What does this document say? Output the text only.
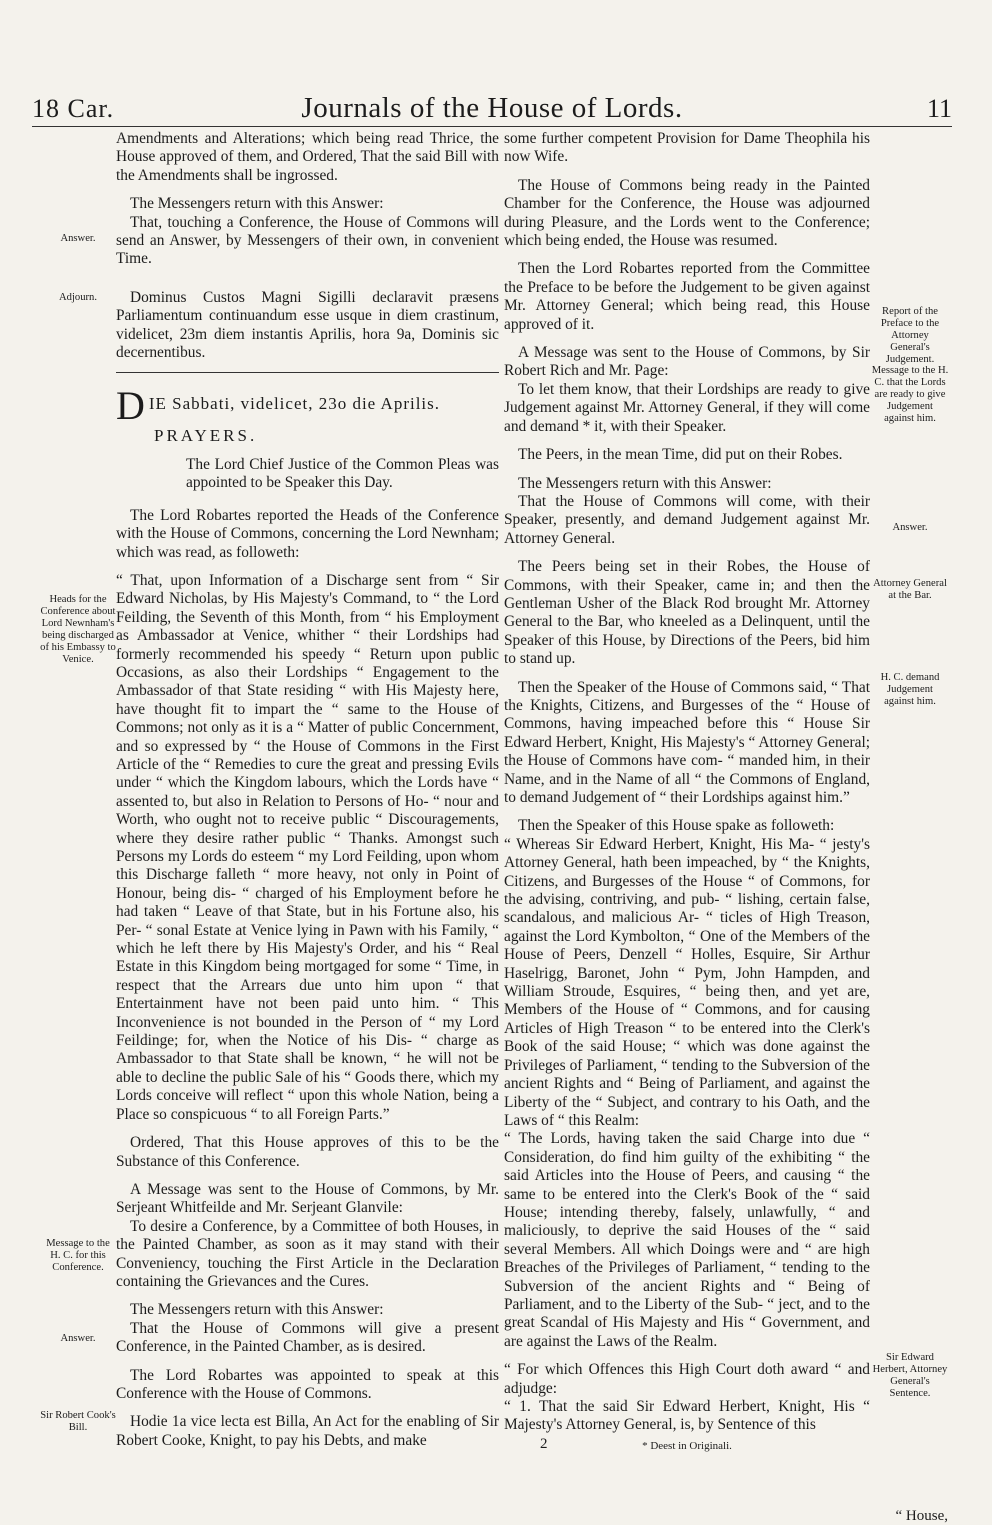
18 Car.	Journals of the House of Lords.	11

Amendments and Alterations; which being read Thrice, the House approved of them, and Ordered, That the said Bill with the Amendments shall be ingrossed.

The Messengers return with this Answer:

That, touching a Conference, the House of Commons will send an Answer, by Messengers of their own, in convenient Time.

Dominus Custos Magni Sigilli declaravit præsens Parliamentum continuandum esse usque in diem crastinum, videlicet, 23m diem instantis Aprilis, hora 9a, Dominis sic decernentibus.

D IE Sabbati, videlicet, 23o die Aprilis.
PRAYERS.

The Lord Chief Justice of the Common Pleas was appointed to be Speaker this Day.

The Lord Robartes reported the Heads of the Conference with the House of Commons, concerning the Lord Newnham; which was read, as followeth:

“ That, upon Information of a Discharge sent from “ Sir Edward Nicholas, by His Majesty's Command, to “ the Lord Feilding, the Seventh of this Month, from “ his Employment as Ambassador at Venice, whither “ their Lordships had formerly recommended his speedy “ Return upon public Occasions, as also their Lordships “ Engagement to the Ambassador of that State residing “ with His Majesty here, have thought fit to impart the “ same to the House of Commons; not only as it is a “ Matter of public Concernment, and so expressed by “ the House of Commons in the First Article of the “ Remedies to cure the great and pressing Evils under “ which the Kingdom labours, which the Lords have “ assented to, but also in Relation to Persons of Ho- “ nour and Worth, who ought not to receive public “ Discouragements, where they desire rather public “ Thanks. Amongst such Persons my Lords do esteem “ my Lord Feilding, upon whom this Discharge falleth “ more heavy, not only in Point of Honour, being dis- “ charged of his Employment before he had taken “ Leave of that State, but in his Fortune also, his Per- “ sonal Estate at Venice lying in Pawn with his Family, “ which he left there by His Majesty's Order, and his “ Real Estate in this Kingdom being mortgaged for some “ Time, in respect that the Arrears due unto him upon “ that Entertainment have not been paid unto him. “ This Inconvenience is not bounded in the Person of “ my Lord Feildinge; for, when the Notice of his Dis- “ charge as Ambassador to that State shall be known, “ he will not be able to decline the public Sale of his “ Goods there, which my Lords conceive will reflect “ upon this whole Nation, being a Place so conspicuous “ to all Foreign Parts.”

Ordered, That this House approves of this to be the Substance of this Conference.

A Message was sent to the House of Commons, by Mr. Serjeant Whitfeilde and Mr. Serjeant Glanvile:

To desire a Conference, by a Committee of both Houses, in the Painted Chamber, as soon as it may stand with their Conveniency, touching the First Article in the Declaration containing the Grievances and the Cures.

The Messengers return with this Answer:

That the House of Commons will give a present Conference, in the Painted Chamber, as is desired.

The Lord Robartes was appointed to speak at this Conference with the House of Commons.

Hodie 1a vice lecta est Billa, An Act for the enabling of Sir Robert Cooke, Knight, to pay his Debts, and make

some further competent Provision for Dame Theophila his now Wife.

The House of Commons being ready in the Painted Chamber for the Conference, the House was adjourned during Pleasure, and the Lords went to the Conference; which being ended, the House was resumed.

Then the Lord Robartes reported from the Committee the Preface to be before the Judgement to be given against Mr. Attorney General; which being read, this House approved of it.

A Message was sent to the House of Commons, by Sir Robert Rich and Mr. Page:

To let them know, that their Lordships are ready to give Judgement against Mr. Attorney General, if they will come and demand * it, with their Speaker.

The Peers, in the mean Time, did put on their Robes.

The Messengers return with this Answer:

That the House of Commons will come, with their Speaker, presently, and demand Judgement against Mr. Attorney General.

The Peers being set in their Robes, the House of Commons, with their Speaker, came in; and then the Gentleman Usher of the Black Rod brought Mr. Attorney General to the Bar, who kneeled as a Delinquent, until the Speaker of this House, by Directions of the Peers, bid him to stand up.

Then the Speaker of the House of Commons said, “ That the Knights, Citizens, and Burgesses of the “ House of Commons, having impeached before this “ House Sir Edward Herbert, Knight, His Majesty's “ Attorney General; the House of Commons have com- “ manded him, in their Name, and in the Name of all “ the Commons of England, to demand Judgement of “ their Lordships against him.”

Then the Speaker of this House spake as followeth:

“ Whereas Sir Edward Herbert, Knight, His Ma- “ jesty's Attorney General, hath been impeached, by “ the Knights, Citizens, and Burgesses of the House “ of Commons, for the advising, contriving, and pub- “ lishing, certain false, scandalous, and malicious Ar- “ ticles of High Treason, against the Lord Kymbolton, “ One of the Members of the House of Peers, Denzell “ Holles, Esquire, Sir Arthur Haselrigg, Baronet, John “ Pym, John Hampden, and William Stroude, Esquires, “ being then, and yet are, Members of the House of “ Commons, and for causing Articles of High Treason “ to be entered into the Clerk's Book of the said House; “ which was done against the Privileges of Parliament, “ tending to the Subversion of the ancient Rights and “ Being of Parliament, and against the Liberty of the “ Subject, and contrary to his Oath, and the Laws of “ this Realm:

“ The Lords, having taken the said Charge into due “ Consideration, do find him guilty of the exhibiting “ the said Articles into the House of Peers, and causing “ the same to be entered into the Clerk's Book of the “ said House; intending thereby, falsely, unlawfully, “ and maliciously, to deprive the said Houses of the “ said several Members. All which Doings were and “ are high Breaches of the Privileges of Parliament, “ tending to the Subversion of the ancient Rights and “ Being of Parliament, and to the Liberty of the Sub- “ ject, and to the great Scandal of His Majesty and His “ Government, and are against the Laws of the Realm.

“ For which Offences this High Court doth award “ and adjudge:

“ 1. That the said Sir Edward Herbert, Knight, His “ Majesty's Attorney General, is, by Sentence of this

* Deest in Originali.
2
“ House,
Answer.
Adjourn.
Heads for the Conference about Lord Newnham's being discharged of his Embassy to Venice.
Message to the H. C. for this Conference.
Answer.
Sir Robert Cook's Bill.
Report of the Preface to the Attorney General's Judgement.
Message to the H. C. that the Lords are ready to give Judgement against him.
Answer.
Attorney General at the Bar.
H. C. demand Judgement against him.
Sir Edward Herbert, Attorney General's Sentence.
